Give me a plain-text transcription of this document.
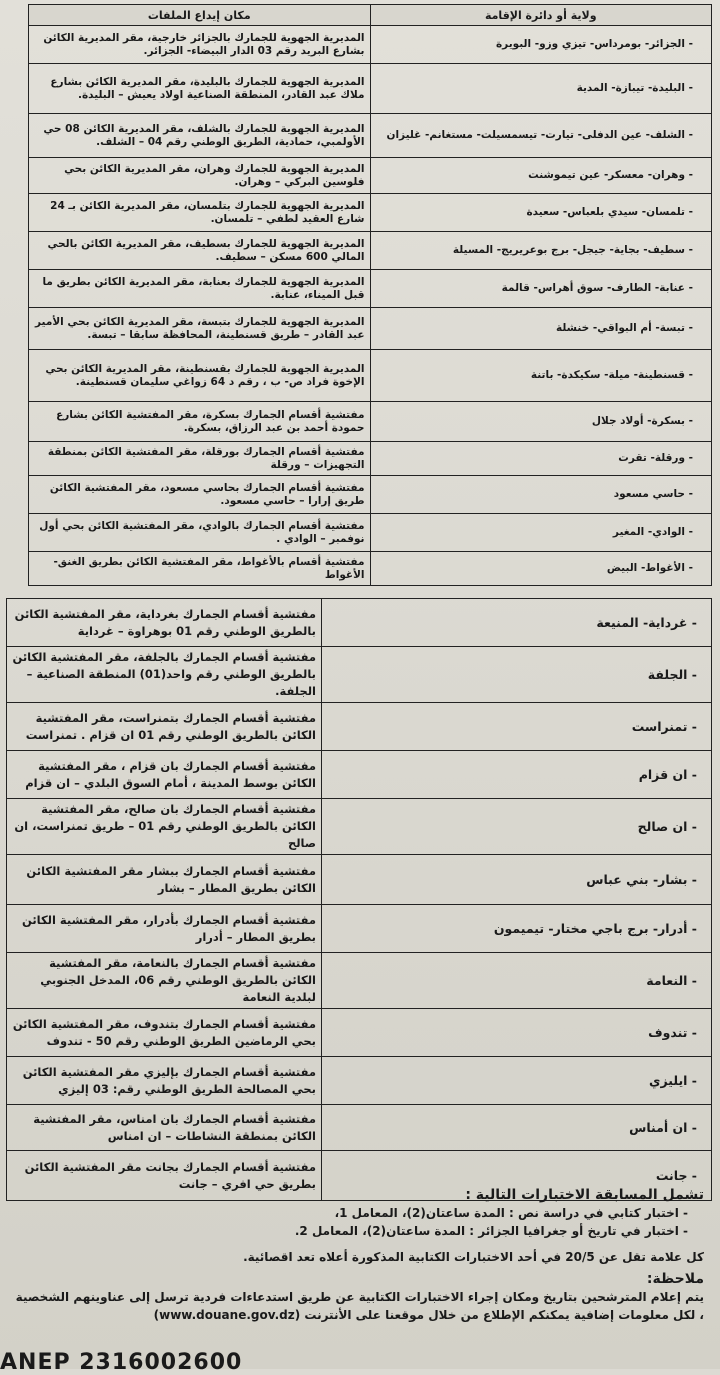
ولاية أو دائرة الإقامة	مكان إيداع الملفات
- الجزائر- بومرداس- تيزي وزو- البويرة	المديرية الجهوية للجمارك بالجزائر خارجية، مقر المديرية الكائن بشارع البريد رقم 03 الدار البيضاء- الجزائر.
- البليدة- تيبازة- المدية	المديرية الجهوية للجمارك بالبليدة، مقر المديرية الكائن بشارع ملاك عبد القادر، المنطقة الصناعية اولاد يعيش – البليدة.
- الشلف- عين الدفلى- تيارت- تيسمسيلت- مستغانم- غليزان	المديرية الجهوية للجمارك بالشلف، مقر المديرية الكائن 08 حي الأولمبي، حمادية، الطريق الوطني رقم 04 – الشلف.
- وهران- معسكر- عين تيموشنت	المديرية الجهوية للجمارك وهران، مقر المديرية الكائن بحي فلوسين البركي – وهران.
- تلمسان- سيدي بلعباس- سعيدة	المديرية الجهوية للجمارك بتلمسان، مقر المديرية الكائن بـ 24 شارع العقيد لطفي – تلمسان.
- سطيف- بجاية- جيجل- برج بوعريريج- المسيلة	المديرية الجهوية للجمارك بسطيف، مقر المديرية الكائن بالحي المالي 600 مسكن – سطيف.
- عنابة- الطارف- سوق أهراس- قالمة	المديرية الجهوية للجمارك بعنابة، مقر المديرية الكائن بطريق ما قبل الميناء، عنابة.
- تبسة- أم البواقي- خنشلة	المديرية الجهوية للجمارك بتبسة، مقر المديرية الكائن بحي الأمير عبد القادر – طريق قسنطينة، المحافظة سابقا – تبسة.
- قسنطينة- ميلة- سكيكدة- باتنة	المديرية الجهوية للجمارك بقسنطينة، مقر المديرية الكائن بحي الإخوة فراد ص- ب ، رقم د 64 زواغي سليمان قسنطينة.
- بسكرة- أولاد جلال	مفتشية أقسام الجمارك بسكرة، مقر المفتشية الكائن بشارع حمودة أحمد بن عبد الرزاق، بسكرة.
- ورقلة- تقرت	مفتشية أقسام الجمارك بورقلة، مقر المفتشية الكائن بمنطقة التجهيزات – ورقلة
- حاسي مسعود	مفتشية أقسام الجمارك بحاسي مسعود، مقر المفتشية الكائن طريق إرارا – حاسي مسعود.
- الوادي- المغير	مفتشية أقسام الجمارك بالوادي، مقر المفتشية الكائن بحي أول نوفمبر – الوادي .
- الأغواط- البيض	مفتشية أقسام بالأغواط، مقر المفتشية الكائن بطريق الغنق- الأغواط
- غرداية- المنيعة	مفتشية أقسام الجمارك بغرداية، مقر المفتشية الكائن بالطريق الوطني رقم 01 بوهراوة – غرداية
- الجلفة	مفتشية أقسام الجمارك بالجلفة، مقر المفتشية الكائن بالطريق الوطني رقم واحد(01) المنطقة الصناعية –الجلفة.
- تمنراست	مفتشية أقسام الجمارك بتمنراست، مقر المفتشية الكائن بالطريق الوطني رقم 01 ان قزام . تمنراست
- ان قزام	مفتشية أقسام الجمارك بان قزام ، مقر المفتشية الكائن بوسط المدينة ، أمام السوق البلدي – ان قزام
- ان صالح	مفتشية أقسام الجمارك بان صالح، مقر المفتشية الكائن بالطريق الوطني رقم 01 – طريق تمنراست، ان صالح
- بشار- بني عباس	مفتشية أقسام الجمارك ببشار مقر المفتشية الكائن الكائن بطريق المطار – بشار
- أدرار- برج باجي مختار- تيميمون	مفتشية أقسام الجمارك بأدرار، مقر المفتشية الكائن بطريق المطار – أدرار
- النعامة	مفتشية أقسام الجمارك بالنعامة، مقر المفتشية الكائن بالطريق الوطني رقم 06، المدخل الجنوبي لبلدية النعامة
- تندوف	مفتشية أقسام الجمارك بتندوف، مقر المفتشية الكائن بحي الرماضين الطريق الوطني رقم 50 - تندوف
- ايليزي	مفتشية أقسام الجمارك بإليزي مقر المفتشية الكائن بحي المصالحة الطريق الوطني رقم: 03 إليزي
- ان أمناس	مفتشية أقسام الجمارك بان امناس، مقر المفتشية الكائن بمنطقة النشاطات – ان امناس
- جانت	مفتشية أقسام الجمارك بجانت مقر المفتشية الكائن بطريق حي افري – جانت
تشمل المسابقة الاختبارات التالية :
- اختبار كتابي في دراسة نص : المدة ساعتان(2)، المعامل 1،
- اختبار في تاريخ أو جغرافيا الجزائر : المدة ساعتان(2)، المعامل 2.
كل علامة تقل عن 20/5 في أحد الاختبارات الكتابية المذكورة أعلاه تعد اقصائية.
ملاحظة:
يتم إعلام المترشحين بتاريخ ومكان إجراء الاختبارات الكتابية عن طريق استدعاءات فردية ترسل إلى عناوينهم الشخصية ، لكل معلومات إضافية يمكنكم الإطلاع من خلال موقعنا على الأنترنت (www.douane.gov.dz)
ANEP 2316002600
